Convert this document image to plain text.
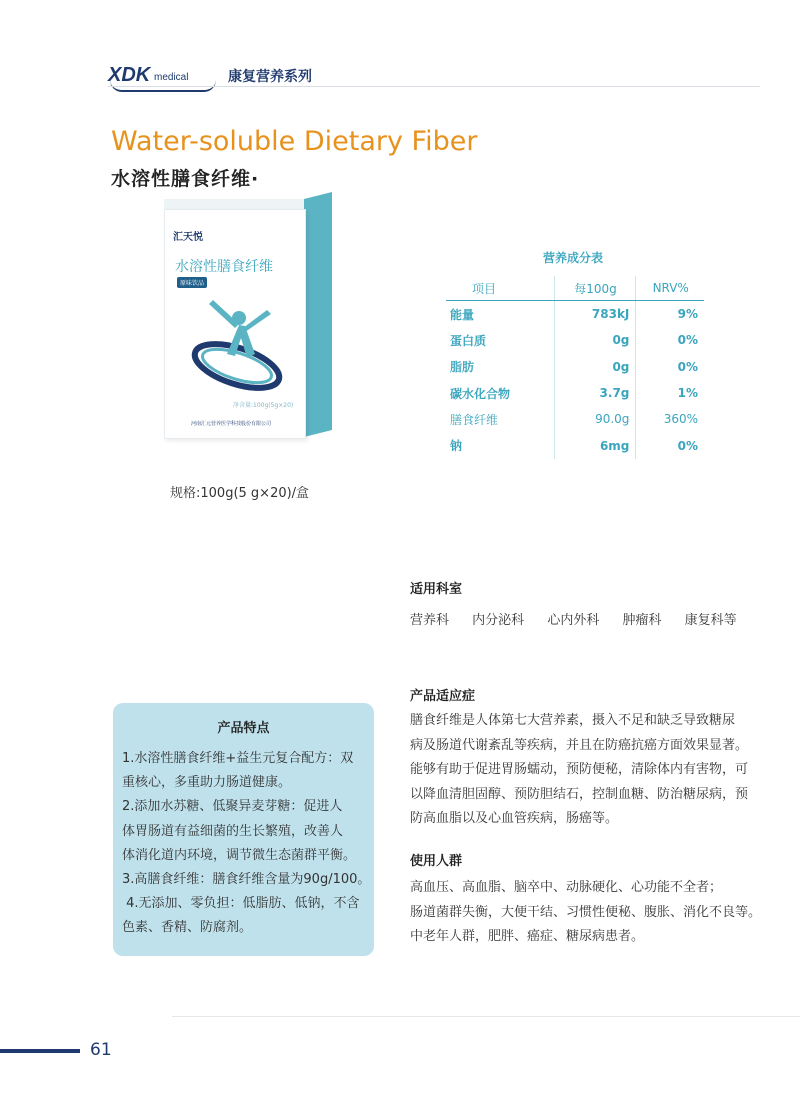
XDK medical	康复营养系列
Water-soluble Dietary Fiber
水溶性膳食纤维·
汇天悦
水溶性膳食纤维
原味饮品
净含量:100g(5g×20)
河南汇元营养医学科技股份有限公司
规格:100g(5 g×20)/盒
营养成分表
项目	每100g	NRV%
能量	783kJ	9%
蛋白质	0g	0%
脂肪	0g	0%
碳水化合物	3.7g	1%
膳食纤维	90.0g	360%
钠	6mg	0%
适用科室
营养科 内分泌科 心内外科 肿瘤科 康复科等
产品适应症
膳食纤维是人体第七大营养素，摄入不足和缺乏导致糖尿
病及肠道代谢紊乱等疾病，并且在防癌抗癌方面效果显著。
能够有助于促进胃肠蠕动，预防便秘，清除体内有害物，可
以降血清胆固醇、预防胆结石，控制血糖、防治糖尿病，预
防高血脂以及心血管疾病，肠癌等。
使用人群
高血压、高血脂、脑卒中、动脉硬化、心功能不全者；
肠道菌群失衡，大便干结、习惯性便秘、腹胀、消化不良等。
中老年人群，肥胖、癌症、糖尿病患者。
产品特点
1.水溶性膳食纤维+益生元复合配方：双
重核心，多重助力肠道健康。
2.添加水苏糖、低聚异麦芽糖：促进人
体胃肠道有益细菌的生长繁殖，改善人
体消化道内环境，调节微生态菌群平衡。
3.高膳食纤维：膳食纤维含量为90g/100。
4.无添加、零负担：低脂肪、低钠，不含
色素、香精、防腐剂。
61
